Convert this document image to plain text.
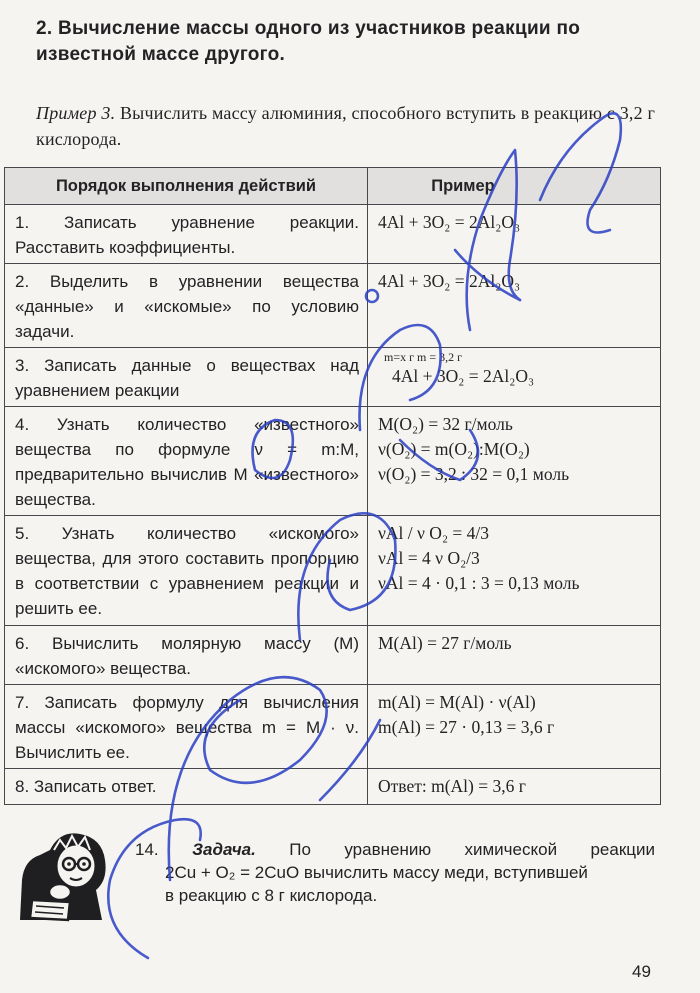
2. Вычисление массы одного из участников реакции по известной массе другого.
Пример 3. Вычислить массу алюминия, способного вступить в реакцию с 3,2 г кислорода.
Порядок выполнения действий	Пример
1. Записать уравнение реакции. Расставить коэффициенты.	4Al + 3O₂ = 2Al₂O₃

2. Выделить в уравнении вещества «данные» и «искомые» по условию задачи.	4Al + 3O₂ = 2Al₂O₃

3. Записать данные о веществах над уравнением реакции	m=x г m = 3,2 г
4Al + 3O₂ = 2Al₂O₃

4. Узнать количество «известного» вещества по формуле ν = m:M, предварительно вычислив M «известного» вещества.	M(O₂) = 32 г/моль
ν(O₂) = m(O₂):M(O₂)
ν(O₂) = 3,2 : 32 = 0,1 моль

5. Узнать количество «искомого» вещества, для этого составить пропорцию в соответствии с уравнением реакции и решить ее.	νAl / ν O₂ = 4/3
νAl = 4 ν O₂/3
νAl = 4 · 0,1 : 3 = 0,13 моль

6. Вычислить молярную массу (M) «искомого» вещества.	M(Al) = 27 г/моль

7. Записать формулу для вычисления массы «искомого» вещества m = M · ν. Вычислить ее.	m(Al) = M(Al) · ν(Al)
m(Al) = 27 · 0,13 = 3,6 г

8. Записать ответ.	Ответ: m(Al) = 3,6 г
14. Задача. По уравнению химической реакции
2Cu + O₂ = 2CuO вычислить массу меди, вступившей
в реакцию с 8 г кислорода.
49
